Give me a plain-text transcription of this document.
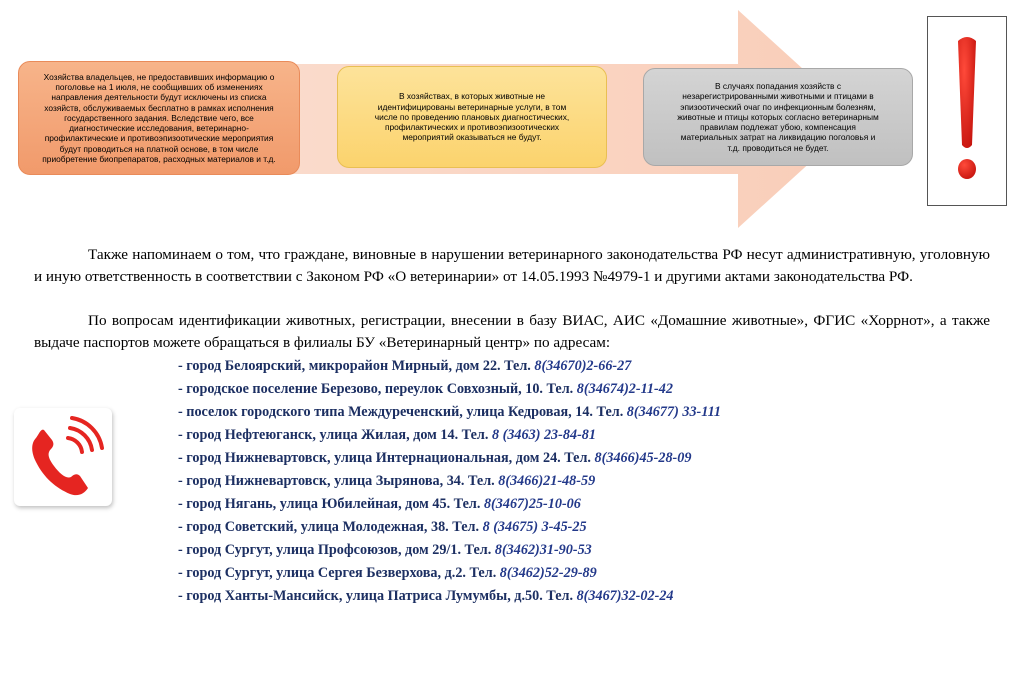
Хозяйства владельцев, не предоставивших информацию о
поголовье на 1 июля, не сообщивших об изменениях
направления деятельности будут исключены из списка
хозяйств, обслуживаемых бесплатно в рамках исполнения
государственного задания. Вследствие чего, все
диагностические исследования, ветеринарно-
профилактические и противоэпизоотические мероприятия
будут проводиться на платной основе, в том числе
приобретение биопрепаратов, расходных материалов и т.д.
В хозяйствах, в которых животные не
идентифицированы ветеринарные услуги, в том
числе по проведению плановых диагностических,
профилактических и противоэпизоотических
мероприятий оказываться не будут.
В случаях попадания хозяйств с
незарегистрированными животными и птицами в
эпизоотический очаг по инфекционным болезням,
животные и птицы которых согласно ветеринарным
правилам подлежат убою, компенсация
материальных затрат на ликвидацию поголовья и
т.д. проводиться не будет.
Также напоминаем о том, что граждане, виновные в нарушении ветеринарного законодательства РФ несут административную, уголовную и иную ответственность в соответствии с Законом РФ «О ветеринарии» от 14.05.1993 №4979-1 и другими актами законодательства РФ.
По вопросам идентификации животных, регистрации, внесении в базу ВИАС, АИС «Домашние животные», ФГИС «Хоррнот», а также выдаче паспортов можете обращаться в филиалы БУ «Ветеринарный центр» по адресам:
- город Белоярский, микрорайон Мирный, дом 22. Тел. 8(34670)2-66-27
- городское поселение Березово, переулок Совхозный, 10. Тел. 8(34674)2-11-42
- поселок городского типа Междуреченский, улица Кедровая, 14. Тел. 8(34677) 33-111
- город Нефтеюганск, улица Жилая, дом 14. Тел. 8 (3463) 23-84-81
- город Нижневартовск, улица Интернациональная, дом 24. Тел. 8(3466)45-28-09
- город Нижневартовск, улица Зырянова, 34. Тел. 8(3466)21-48-59
- город Нягань, улица Юбилейная, дом 45. Тел. 8(3467)25-10-06
- город Советский, улица Молодежная, 38. Тел. 8 (34675) 3-45-25
- город Сургут, улица Профсоюзов, дом 29/1. Тел. 8(3462)31-90-53
- город Сургут, улица Сергея Безверхова, д.2. Тел. 8(3462)52-29-89
- город Ханты-Мансийск, улица Патриса Лумумбы, д.50. Тел. 8(3467)32-02-24
